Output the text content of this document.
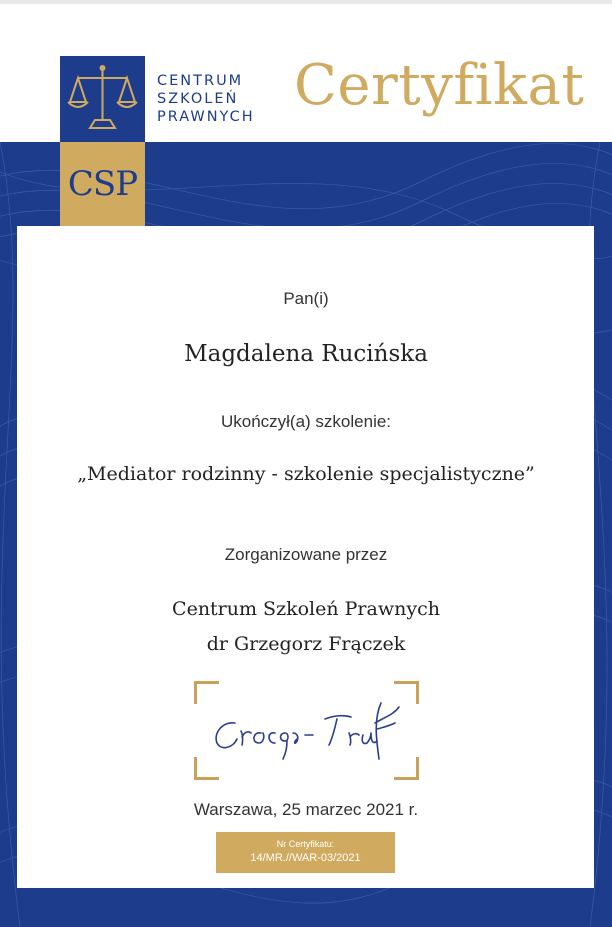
CSP
CENTRUM
SZKOLEŃ
PRAWNYCH Certyfikat
Pan(i)
Magdalena Rucińska
Ukończył(a) szkolenie:
„Mediator rodzinny - szkolenie specjalistyczne”
Zorganizowane przez
Centrum Szkoleń Prawnych
dr Grzegorz Frączek
Warszawa, 25 marzec 2021 r.
Nr Certyfikatu:
14/MR.//WAR-03/2021
